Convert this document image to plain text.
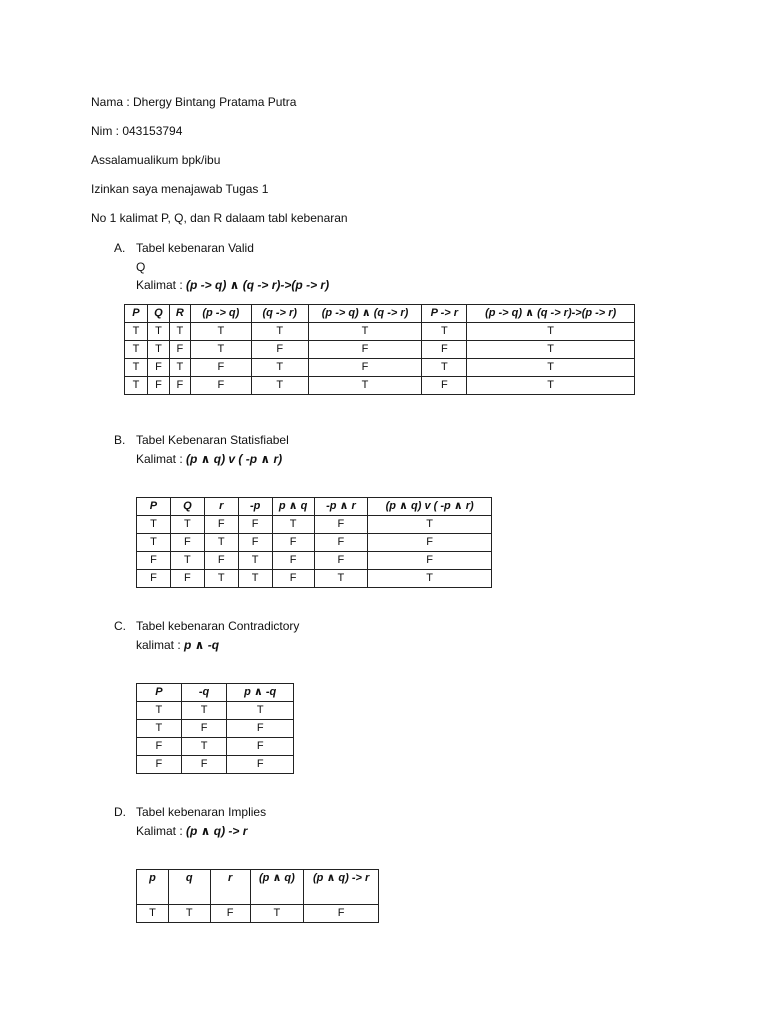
Nama : Dhergy Bintang Pratama Putra
Nim : 043153794
Assalamualikum bpk/ibu
Izinkan saya menajawab Tugas 1
No 1 kalimat P, Q, dan R dalaam tabl kebenaran
A. Tabel kebenaran Valid
Q
Kalimat : (p -> q) ∧ (q -> r)->(p -> r)
P	Q	R	(p -> q)	(q -> r)	(p -> q) ∧ (q -> r)	P -> r	(p -> q) ∧ (q -> r)->(p -> r)
T	T	T	T	T	T	T	T
T	T	F	T	F	F	F	T
T	F	T	F	T	F	T	T
T	F	F	F	T	T	F	T
B. Tabel Kebenaran Statisfiabel
Kalimat : (p ∧ q) v ( -p ∧ r)
P	Q	r	-p	p ∧ q	-p ∧ r	(p ∧ q) v ( -p ∧ r)
T	T	F	F	T	F	T
T	F	T	F	F	F	F
F	T	F	T	F	F	F
F	F	T	T	F	T	T
C. Tabel kebenaran Contradictory
kalimat : p ∧ -q
P	-q	p ∧ -q
T	T	T
T	F	F
F	T	F
F	F	F
D. Tabel kebenaran Implies
Kalimat : (p ∧ q) -> r
p	q	r	(p ∧ q)	(p ∧ q) -> r
T	T	F	T	F
